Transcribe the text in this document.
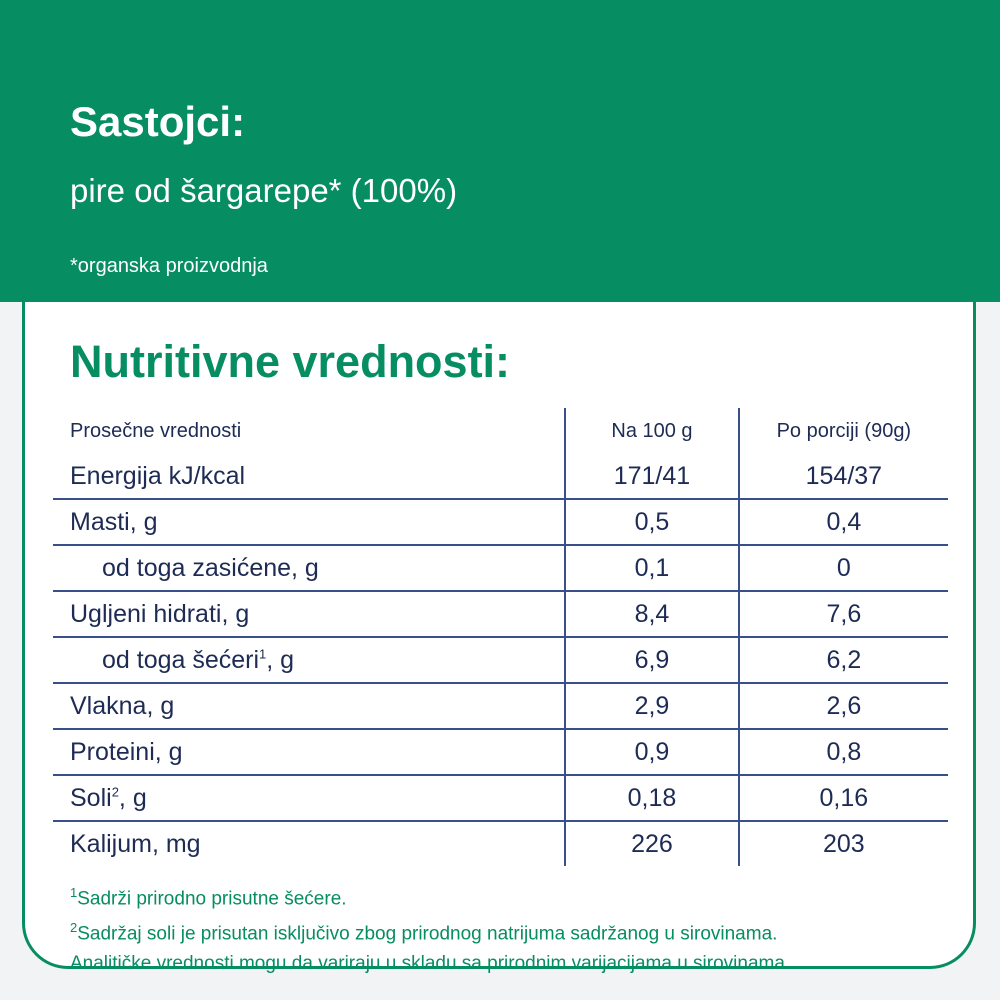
Sastojci:
pire od šargarepe* (100%)
*organska proizvodnja
Nutritivne vrednosti:
Prosečne vrednosti	Na 100 g	Po porciji (90g)
Energija kJ/kcal	171/41	154/37
Masti, g	0,5	0,4
od toga zasićene, g	0,1	0
Ugljeni hidrati, g	8,4	7,6
od toga šećeri$^1$, g	6,9	6,2
Vlakna, g	2,9	2,6
Proteini, g	0,9	0,8
Soli$^2$, g	0,18	0,16
Kalijum, mg	226	203
$^1$Sadrži prirodno prisutne šećere.
$^2$Sadržaj soli je prisutan isključivo zbog prirodnog natrijuma sadržanog u sirovinama.
Analitičke vrednosti mogu da variraju u skladu sa prirodnim varijacijama u sirovinama.
